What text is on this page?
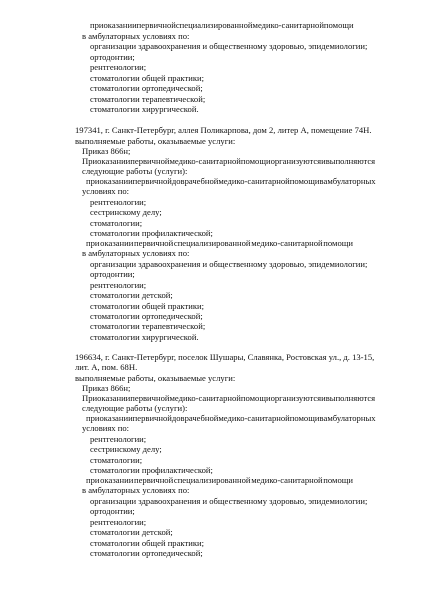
при оказании первичной специализированной медико-санитарной помощи
в амбулаторных условиях по:
организации здравоохранения и общественному здоровью, эпидемиологии;
ортодонтии;
рентгенологии;
стоматологии общей практики;
стоматологии ортопедической;
стоматологии терапевтической;
стоматологии хирургической.
197341, г. Санкт-Петербург, аллея Поликарпова, дом 2, литер А, помещение 74Н.
выполняемые работы, оказываемые услуги:
Приказ 866н;
При оказании первичной медико-санитарной помощи организуются и выполняются
следующие работы (услуги):
при оказании первичной доврачебной медико-санитарной помощи в амбулаторных
условиях по:
рентгенологии;
сестринскому делу;
стоматологии;
стоматологии профилактической;
при оказании первичной специализированной медико-санитарной помощи
в амбулаторных условиях по:
организации здравоохранения и общественному здоровью, эпидемиологии;
ортодонтии;
рентгенологии;
стоматологии детской;
стоматологии общей практики;
стоматологии ортопедической;
стоматологии терапевтической;
стоматологии хирургической.
196634, г. Санкт-Петербург, поселок Шушары, Славянка, Ростовская ул., д. 13-15,
лит. А, пом. 68Н.
выполняемые работы, оказываемые услуги:
Приказ 866н;
При оказании первичной медико-санитарной помощи организуются и выполняются
следующие работы (услуги):
при оказании первичной доврачебной медико-санитарной помощи в амбулаторных
условиях по:
рентгенологии;
сестринскому делу;
стоматологии;
стоматологии профилактической;
при оказании первичной специализированной медико-санитарной помощи
в амбулаторных условиях по:
организации здравоохранения и общественному здоровью, эпидемиологии;
ортодонтии;
рентгенологии;
стоматологии детской;
стоматологии общей практики;
стоматологии ортопедической;
